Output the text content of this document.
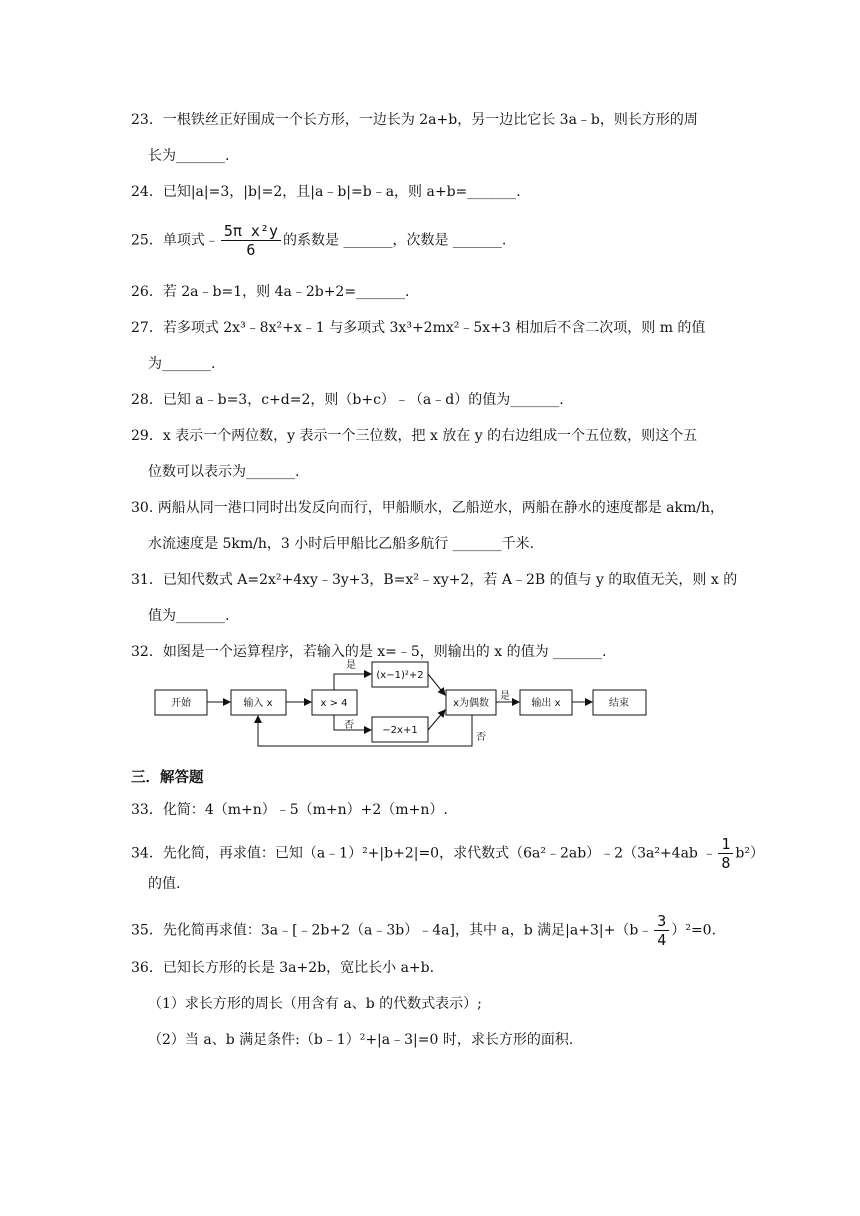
23．一根铁丝正好围成一个长方形，一边长为 2a+b，另一边比它长 3a﹣b，则长方形的周
长为_______.
24．已知|a|=3，|b|=2，且|a﹣b|=b﹣a，则 a+b=_______.
25．单项式﹣ $\frac{\text{5π x²y}}{6}$ 的系数是 _______，次数是 _______.
26．若 2a﹣b=1，则 4a﹣2b+2=_______.
27．若多项式 2x³﹣8x²+x﹣1 与多项式 3x³+2mx²﹣5x+3 相加后不含二次项，则 m 的值
为_______.
28．已知 a﹣b=3，c+d=2，则（b+c）﹣（a﹣d）的值为_______.
29．x 表示一个两位数，y 表示一个三位数，把 x 放在 y 的右边组成一个五位数，则这个五
位数可以表示为_______.
30. 两船从同一港口同时出发反向而行，甲船顺水，乙船逆水，两船在静水的速度都是 akm/h，
水流速度是 5km/h，3 小时后甲船比乙船多航行 _______千米.
31．已知代数式 A=2x²+4xy﹣3y+3，B=x²﹣xy+2，若 A﹣2B 的值与 y 的取值无关，则 x 的
值为_______.
32．如图是一个运算程序，若输入的是 x=﹣5，则输出的 x 的值为 _______.
开始	输入 x	x > 4
是
否
(x−1)²+2
−2x+1
x为偶数
是
输出 x	结束
否
三．解答题
33．化简：4（m+n）﹣5（m+n）+2（m+n）.
34．先化简，再求值：已知（a﹣1）²+|b+2|=0，求代数式（6a²﹣2ab）﹣2（3a²+4ab ﹣ $\frac{1}{8} b^2$）
的值.
35．先化简再求值：3a﹣[﹣2b+2（a﹣3b）﹣4a]，其中 a，b 满足|a+3|+（b﹣ $\frac{3}{4} )^2=0$.
36．已知长方形的长是 3a+2b，宽比长小 a+b.
（1）求长方形的周长（用含有 a、b 的代数式表示）;
（2）当 a、b 满足条件:（b﹣1）²+|a﹣3|=0 时，求长方形的面积.
